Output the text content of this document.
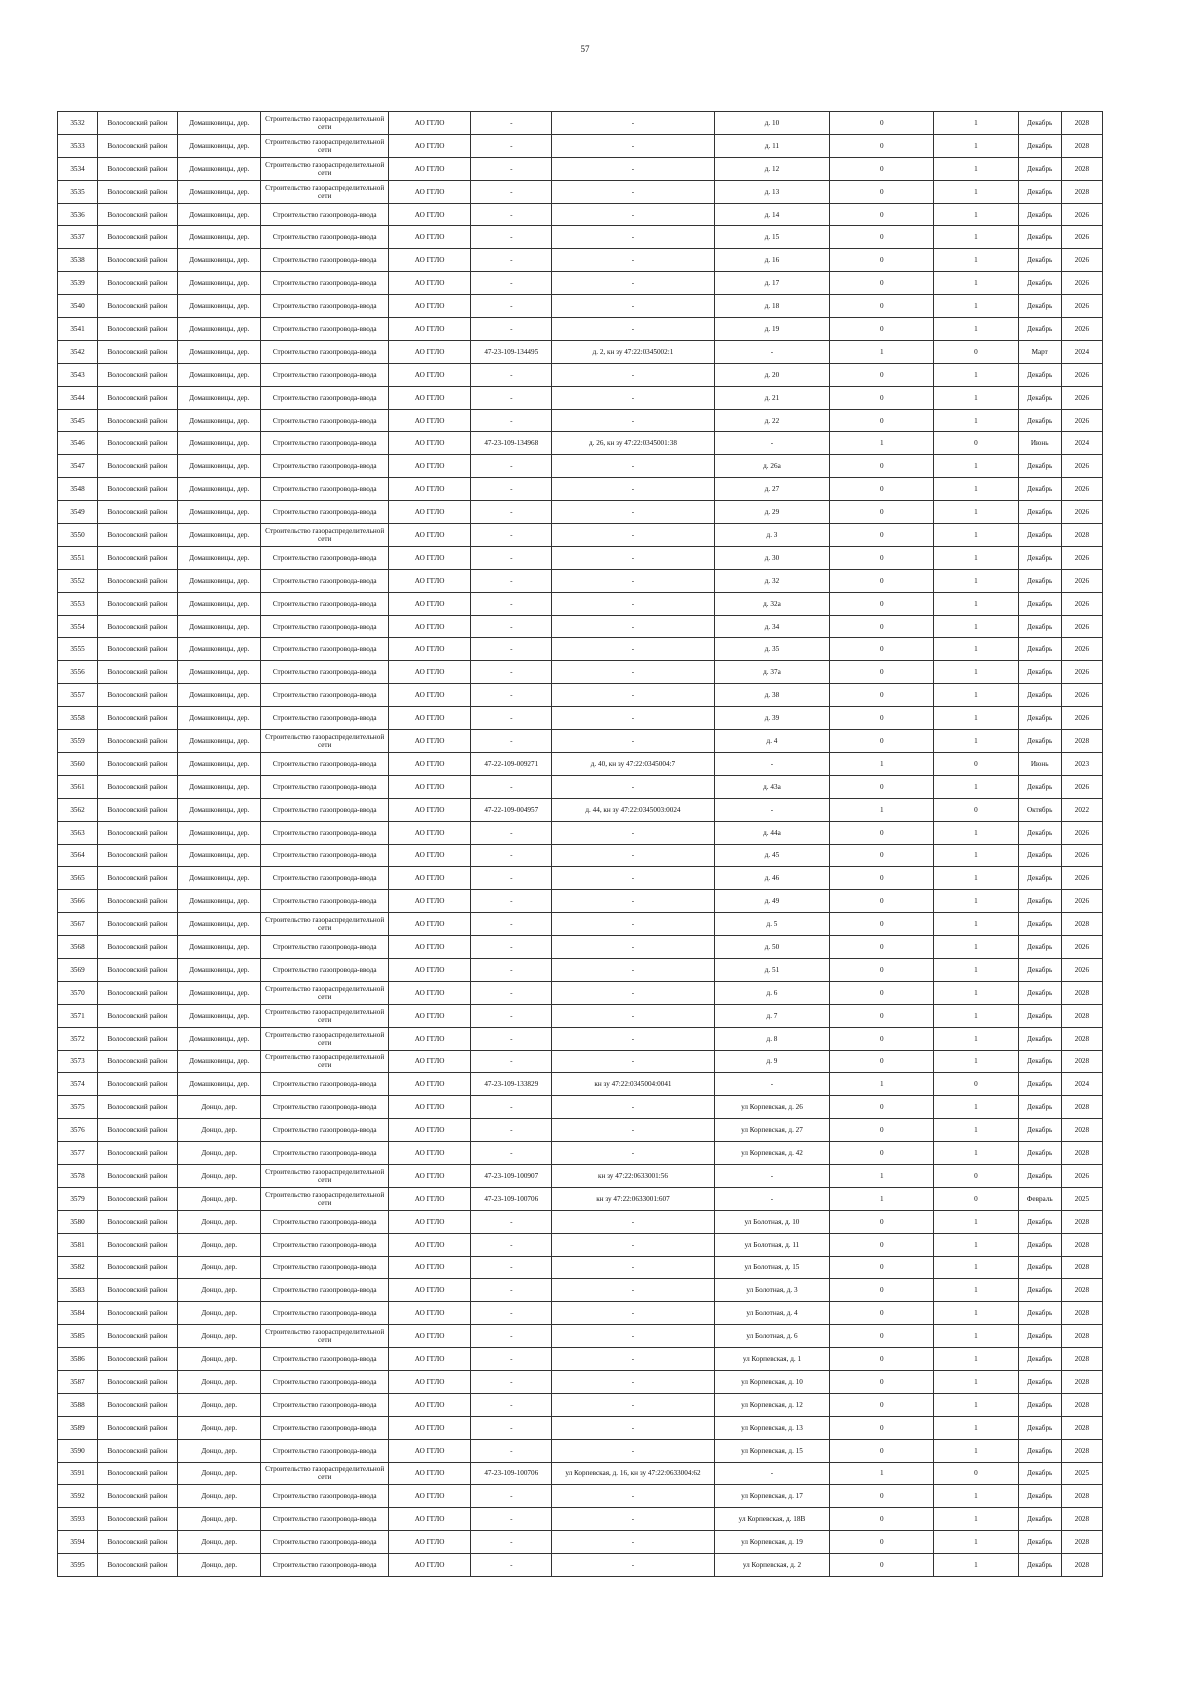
57
3532	Волосовский район	Домашковицы, дер.	Строительство газораспределительной сети	АО ГГЛО	-	-	д. 10	0	1	Декабрь	2028
3533	Волосовский район	Домашковицы, дер.	Строительство газораспределительной сети	АО ГГЛО	-	-	д. 11	0	1	Декабрь	2028
3534	Волосовский район	Домашковицы, дер.	Строительство газораспределительной сети	АО ГГЛО	-	-	д. 12	0	1	Декабрь	2028
3535	Волосовский район	Домашковицы, дер.	Строительство газораспределительной сети	АО ГГЛО	-	-	д. 13	0	1	Декабрь	2028
3536	Волосовский район	Домашковицы, дер.	Строительство газопровода-ввода	АО ГГЛО	-	-	д. 14	0	1	Декабрь	2026
3537	Волосовский район	Домашковицы, дер.	Строительство газопровода-ввода	АО ГГЛО	-	-	д. 15	0	1	Декабрь	2026
3538	Волосовский район	Домашковицы, дер.	Строительство газопровода-ввода	АО ГГЛО	-	-	д. 16	0	1	Декабрь	2026
3539	Волосовский район	Домашковицы, дер.	Строительство газопровода-ввода	АО ГГЛО	-	-	д. 17	0	1	Декабрь	2026
3540	Волосовский район	Домашковицы, дер.	Строительство газопровода-ввода	АО ГГЛО	-	-	д. 18	0	1	Декабрь	2026
3541	Волосовский район	Домашковицы, дер.	Строительство газопровода-ввода	АО ГГЛО	-	-	д. 19	0	1	Декабрь	2026
3542	Волосовский район	Домашковицы, дер.	Строительство газопровода-ввода	АО ГГЛО	47-23-109-134495	д. 2, кн зу 47:22:0345002:1	-	1	0	Март	2024
3543	Волосовский район	Домашковицы, дер.	Строительство газопровода-ввода	АО ГГЛО	-	-	д. 20	0	1	Декабрь	2026
3544	Волосовский район	Домашковицы, дер.	Строительство газопровода-ввода	АО ГГЛО	-	-	д. 21	0	1	Декабрь	2026
3545	Волосовский район	Домашковицы, дер.	Строительство газопровода-ввода	АО ГГЛО	-	-	д. 22	0	1	Декабрь	2026
3546	Волосовский район	Домашковицы, дер.	Строительство газопровода-ввода	АО ГГЛО	47-23-109-134968	д. 26, кн зу 47:22:0345001:38	-	1	0	Июнь	2024
3547	Волосовский район	Домашковицы, дер.	Строительство газопровода-ввода	АО ГГЛО	-	-	д. 26а	0	1	Декабрь	2026
3548	Волосовский район	Домашковицы, дер.	Строительство газопровода-ввода	АО ГГЛО	-	-	д. 27	0	1	Декабрь	2026
3549	Волосовский район	Домашковицы, дер.	Строительство газопровода-ввода	АО ГГЛО	-	-	д. 29	0	1	Декабрь	2026
3550	Волосовский район	Домашковицы, дер.	Строительство газораспределительной сети	АО ГГЛО	-	-	д. 3	0	1	Декабрь	2028
3551	Волосовский район	Домашковицы, дер.	Строительство газопровода-ввода	АО ГГЛО	-	-	д. 30	0	1	Декабрь	2026
3552	Волосовский район	Домашковицы, дер.	Строительство газопровода-ввода	АО ГГЛО	-	-	д. 32	0	1	Декабрь	2026
3553	Волосовский район	Домашковицы, дер.	Строительство газопровода-ввода	АО ГГЛО	-	-	д. 32а	0	1	Декабрь	2026
3554	Волосовский район	Домашковицы, дер.	Строительство газопровода-ввода	АО ГГЛО	-	-	д. 34	0	1	Декабрь	2026
3555	Волосовский район	Домашковицы, дер.	Строительство газопровода-ввода	АО ГГЛО	-	-	д. 35	0	1	Декабрь	2026
3556	Волосовский район	Домашковицы, дер.	Строительство газопровода-ввода	АО ГГЛО	-	-	д. 37а	0	1	Декабрь	2026
3557	Волосовский район	Домашковицы, дер.	Строительство газопровода-ввода	АО ГГЛО	-	-	д. 38	0	1	Декабрь	2026
3558	Волосовский район	Домашковицы, дер.	Строительство газопровода-ввода	АО ГГЛО	-	-	д. 39	0	1	Декабрь	2026
3559	Волосовский район	Домашковицы, дер.	Строительство газораспределительной сети	АО ГГЛО	-	-	д. 4	0	1	Декабрь	2028
3560	Волосовский район	Домашковицы, дер.	Строительство газопровода-ввода	АО ГГЛО	47-22-109-009271	д. 40, кн зу 47:22:0345004:7	-	1	0	Июнь	2023
3561	Волосовский район	Домашковицы, дер.	Строительство газопровода-ввода	АО ГГЛО	-	-	д. 43а	0	1	Декабрь	2026
3562	Волосовский район	Домашковицы, дер.	Строительство газопровода-ввода	АО ГГЛО	47-22-109-004957	д. 44, кн зу 47:22:0345003:0024	-	1	0	Октябрь	2022
3563	Волосовский район	Домашковицы, дер.	Строительство газопровода-ввода	АО ГГЛО	-	-	д. 44а	0	1	Декабрь	2026
3564	Волосовский район	Домашковицы, дер.	Строительство газопровода-ввода	АО ГГЛО	-	-	д. 45	0	1	Декабрь	2026
3565	Волосовский район	Домашковицы, дер.	Строительство газопровода-ввода	АО ГГЛО	-	-	д. 46	0	1	Декабрь	2026
3566	Волосовский район	Домашковицы, дер.	Строительство газопровода-ввода	АО ГГЛО	-	-	д. 49	0	1	Декабрь	2026
3567	Волосовский район	Домашковицы, дер.	Строительство газораспределительной сети	АО ГГЛО	-	-	д. 5	0	1	Декабрь	2028
3568	Волосовский район	Домашковицы, дер.	Строительство газопровода-ввода	АО ГГЛО	-	-	д. 50	0	1	Декабрь	2026
3569	Волосовский район	Домашковицы, дер.	Строительство газопровода-ввода	АО ГГЛО	-	-	д. 51	0	1	Декабрь	2026
3570	Волосовский район	Домашковицы, дер.	Строительство газораспределительной сети	АО ГГЛО	-	-	д. 6	0	1	Декабрь	2028
3571	Волосовский район	Домашковицы, дер.	Строительство газораспределительной сети	АО ГГЛО	-	-	д. 7	0	1	Декабрь	2028
3572	Волосовский район	Домашковицы, дер.	Строительство газораспределительной сети	АО ГГЛО	-	-	д. 8	0	1	Декабрь	2028
3573	Волосовский район	Домашковицы, дер.	Строительство газораспределительной сети	АО ГГЛО	-	-	д. 9	0	1	Декабрь	2028
3574	Волосовский район	Домашковицы, дер.	Строительство газопровода-ввода	АО ГГЛО	47-23-109-133829	кн зу 47:22:0345004:0041	-	1	0	Декабрь	2024
3575	Волосовский район	Донцо, дер.	Строительство газопровода-ввода	АО ГГЛО	-	-	ул Корпевская, д. 26	0	1	Декабрь	2028
3576	Волосовский район	Донцо, дер.	Строительство газопровода-ввода	АО ГГЛО	-	-	ул Корпевская, д. 27	0	1	Декабрь	2028
3577	Волосовский район	Донцо, дер.	Строительство газопровода-ввода	АО ГГЛО	-	-	ул Корпевская, д. 42	0	1	Декабрь	2028
3578	Волосовский район	Донцо, дер.	Строительство газораспределительной сети	АО ГГЛО	47-23-109-100907	кн зу 47:22:0633001:56	-	1	0	Декабрь	2026
3579	Волосовский район	Донцо, дер.	Строительство газораспределительной сети	АО ГГЛО	47-23-109-100706	кн зу 47:22:0633001:607	-	1	0	Февраль	2025
3580	Волосовский район	Донцо, дер.	Строительство газопровода-ввода	АО ГГЛО	-	-	ул Болотная, д. 10	0	1	Декабрь	2028
3581	Волосовский район	Донцо, дер.	Строительство газопровода-ввода	АО ГГЛО	-	-	ул Болотная, д. 11	0	1	Декабрь	2028
3582	Волосовский район	Донцо, дер.	Строительство газопровода-ввода	АО ГГЛО	-	-	ул Болотная, д. 15	0	1	Декабрь	2028
3583	Волосовский район	Донцо, дер.	Строительство газопровода-ввода	АО ГГЛО	-	-	ул Болотная, д. 3	0	1	Декабрь	2028
3584	Волосовский район	Донцо, дер.	Строительство газопровода-ввода	АО ГГЛО	-	-	ул Болотная, д. 4	0	1	Декабрь	2028
3585	Волосовский район	Донцо, дер.	Строительство газораспределительной сети	АО ГГЛО	-	-	ул Болотная, д. 6	0	1	Декабрь	2028
3586	Волосовский район	Донцо, дер.	Строительство газопровода-ввода	АО ГГЛО	-	-	ул Корпевская, д. 1	0	1	Декабрь	2028
3587	Волосовский район	Донцо, дер.	Строительство газопровода-ввода	АО ГГЛО	-	-	ул Корпевская, д. 10	0	1	Декабрь	2028
3588	Волосовский район	Донцо, дер.	Строительство газопровода-ввода	АО ГГЛО	-	-	ул Корпевская, д. 12	0	1	Декабрь	2028
3589	Волосовский район	Донцо, дер.	Строительство газопровода-ввода	АО ГГЛО	-	-	ул Корпевская, д. 13	0	1	Декабрь	2028
3590	Волосовский район	Донцо, дер.	Строительство газопровода-ввода	АО ГГЛО	-	-	ул Корпевская, д. 15	0	1	Декабрь	2028
3591	Волосовский район	Донцо, дер.	Строительство газораспределительной сети	АО ГГЛО	47-23-109-100706	ул Корпевская, д. 16, кн зу 47:22:0633004:62	-	1	0	Декабрь	2025
3592	Волосовский район	Донцо, дер.	Строительство газопровода-ввода	АО ГГЛО	-	-	ул Корпевская, д. 17	0	1	Декабрь	2028
3593	Волосовский район	Донцо, дер.	Строительство газопровода-ввода	АО ГГЛО	-	-	ул Корпевская, д. 18В	0	1	Декабрь	2028
3594	Волосовский район	Донцо, дер.	Строительство газопровода-ввода	АО ГГЛО	-	-	ул Корпевская, д. 19	0	1	Декабрь	2028
3595	Волосовский район	Донцо, дер.	Строительство газопровода-ввода	АО ГГЛО	-	-	ул Корпевская, д. 2	0	1	Декабрь	2028
